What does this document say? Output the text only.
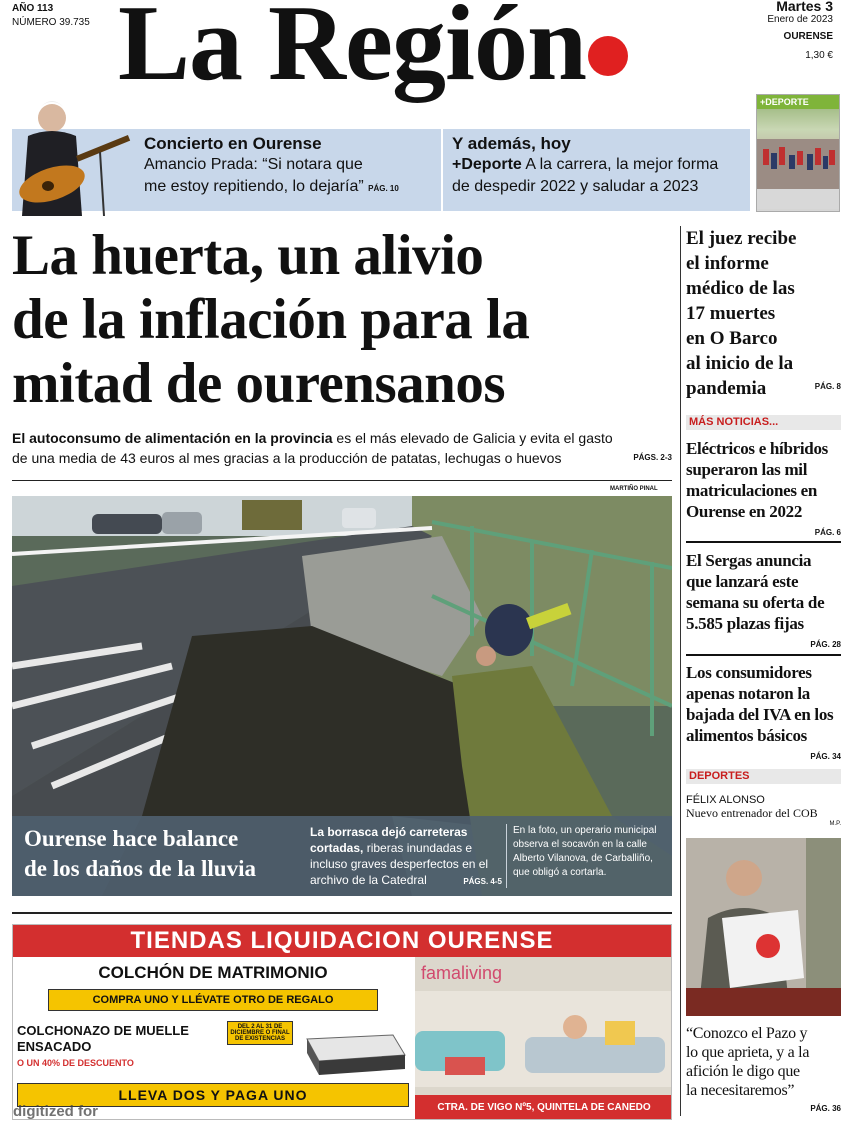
AÑO 113
NÚMERO 39.735 La Región	Martes 3
Enero de 2023
OURENSE
1,30 €
Concierto en Ourense
Amancio Prada: “Si notara que
me estoy repitiendo, lo dejaría” PÁG. 10
Y además, hoy
+Deporte A la carrera, la mejor forma
de despedir 2022 y saludar a 2023
+DEPORTE
La huerta, un alivio
de la inflación para la
mitad de ourensanos
El autoconsumo de alimentación en la provincia es el más elevado de Galicia y evita el gasto
de una media de 43 euros al mes gracias a la producción de patatas, lechugas o huevos	PÁGS. 2-3
MARTIÑO PINAL
Ourense hace balance
de los daños de la lluvia
La borrasca dejó carreteras cortadas, riberas inundadas e incluso graves desperfectos en el archivo de la Catedral	PÁGS. 4-5
En la foto, un operario municipal observa el socavón en la calle Alberto Vilanova, de Carballiño, que obligó a cortarla.
TIENDAS LIQUIDACION OURENSE
COLCHÓN DE MATRIMONIO
COMPRA UNO Y LLÉVATE OTRO DE REGALO
COLCHONAZO DE MUELLE
ENSACADO
O UN 40% DE DESCUENTO
DEL 2 AL 31 DE DICIEMBRE O FINAL DE EXISTENCIAS
LLEVA DOS Y PAGA UNO
digitized for
famaliving
CTRA. DE VIGO Nº5, QUINTELA DE CANEDO
El juez recibe
el informe
médico de las
17 muertes
en O Barco
al inicio de la
pandemia	PÁG. 8
MÁS NOTICIAS...
Eléctricos e híbridos
superaron las mil
matriculaciones en
Ourense en 2022
PÁG. 6
El Sergas anuncia
que lanzará este
semana su oferta de
5.585 plazas fijas
PÁG. 28
Los consumidores
apenas notaron la
bajada del IVA en los
alimentos básicos
PÁG. 34
DEPORTES
FÉLIX ALONSO
Nuevo entrenador del COB
M.P.
“Conozco el Pazo y
lo que aprieta, y a la
afición le digo que
la necesitaremos”
PÁG. 36
